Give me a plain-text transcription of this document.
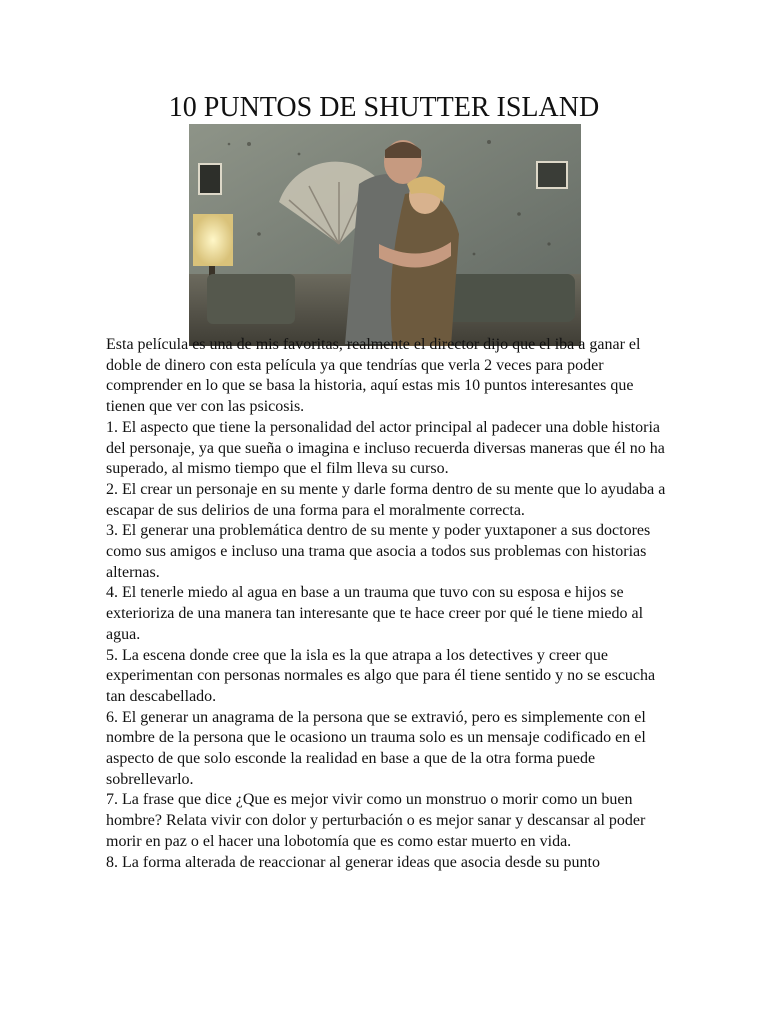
10 PUNTOS DE SHUTTER ISLAND

Esta película es una de mis favoritas, realmente el director dijo que el iba a ganar el doble de dinero con esta película ya que tendrías que verla 2 veces para poder comprender en lo que se basa la historia, aquí estas mis 10 puntos interesantes que tienen que ver con las psicosis.

1. El aspecto que tiene la personalidad del actor principal al padecer una doble historia del personaje, ya que sueña o imagina e incluso recuerda diversas maneras que él no ha superado, al mismo tiempo que el film lleva su curso.

2. El crear un personaje en su mente y darle forma dentro de su mente que lo ayudaba a escapar de sus delirios de una forma para el moralmente correcta.

3. El generar una problemática dentro de su mente y poder yuxtaponer a sus doctores como sus amigos e incluso una trama que asocia a todos sus problemas con historias alternas.

4. El tenerle miedo al agua en base a un trauma que tuvo con su esposa e hijos se exterioriza de una manera tan interesante que te hace creer por qué le tiene miedo al agua.

5. La escena donde cree que la isla es la que atrapa a los detectives y creer que experimentan con personas normales es algo que para él tiene sentido y no se escucha tan descabellado.

6. El generar un anagrama de la persona que se extravió, pero es simplemente con el nombre de la persona que le ocasiono un trauma solo es un mensaje codificado en el aspecto de que solo esconde la realidad en base a que de la otra forma puede sobrellevarlo.

7. La frase que dice ¿Que es mejor vivir como un monstruo o morir como un buen hombre? Relata vivir con dolor y perturbación o es mejor sanar y descansar al poder morir en paz o el hacer una lobotomía que es como estar muerto en vida.

8. La forma alterada de reaccionar al generar ideas que asocia desde su punto
